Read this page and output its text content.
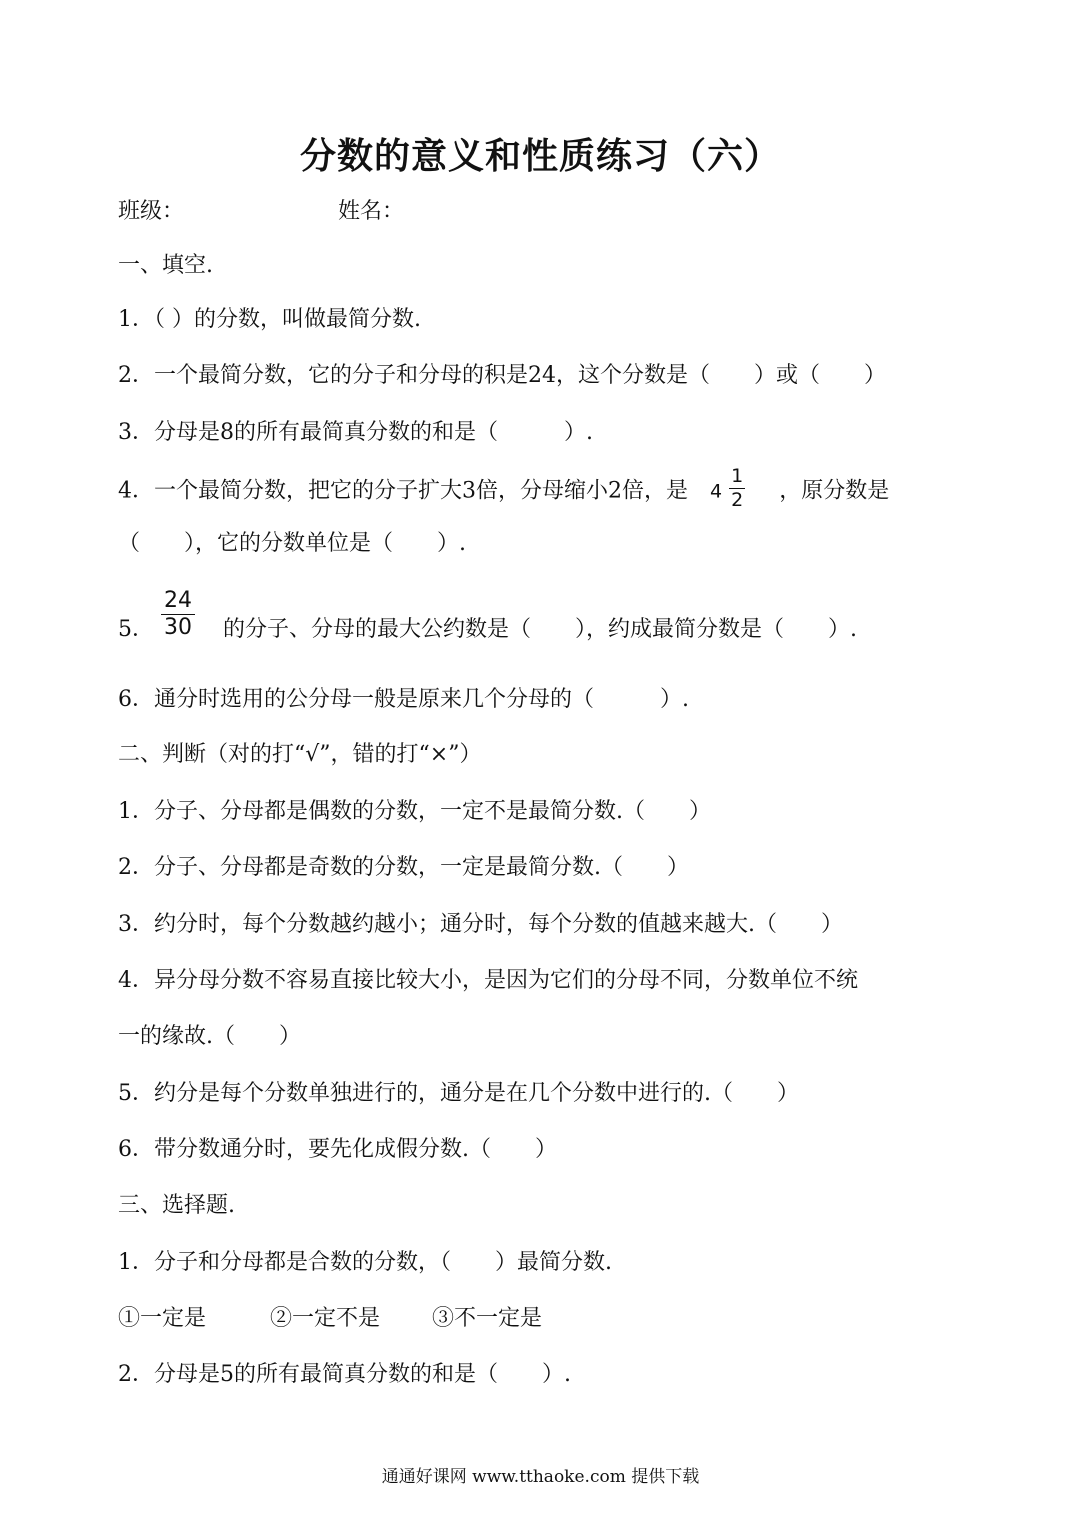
分数的意义和性质练习（六）
班级：	姓名：
一、填空.
1．（ ）的分数，叫做最简分数.
2．一个最简分数，它的分子和分母的积是24，这个分数是（　　）或（　　）
3．分母是8的所有最简真分数的和是（　　　）.
4．一个最简分数，把它的分子扩大3倍，分母缩小2倍，是 $4 \frac{1}{2}$ ，原分数是
（　　），它的分数单位是（　　）.
5． $\frac{24}{30}$ 的分子、分母的最大公约数是（　　），约成最简分数是（　　）.
6．通分时选用的公分母一般是原来几个分母的（　　　）.
二、判断（对的打“√”，错的打“×”）
1．分子、分母都是偶数的分数，一定不是最简分数.（　　）
2．分子、分母都是奇数的分数，一定是最简分数.（　　）
3．约分时，每个分数越约越小；通分时，每个分数的值越来越大.（　　）
4．异分母分数不容易直接比较大小，是因为它们的分母不同，分数单位不统
一的缘故.（　　）
5．约分是每个分数单独进行的，通分是在几个分数中进行的.（　　）
6．带分数通分时，要先化成假分数.（　　）
三、选择题.
1．分子和分母都是合数的分数，（　　）最简分数.
①一定是	②一定不是 ③不一定是
2．分母是5的所有最简真分数的和是（　　）.
通通好课网 www.tthaoke.com 提供下载
